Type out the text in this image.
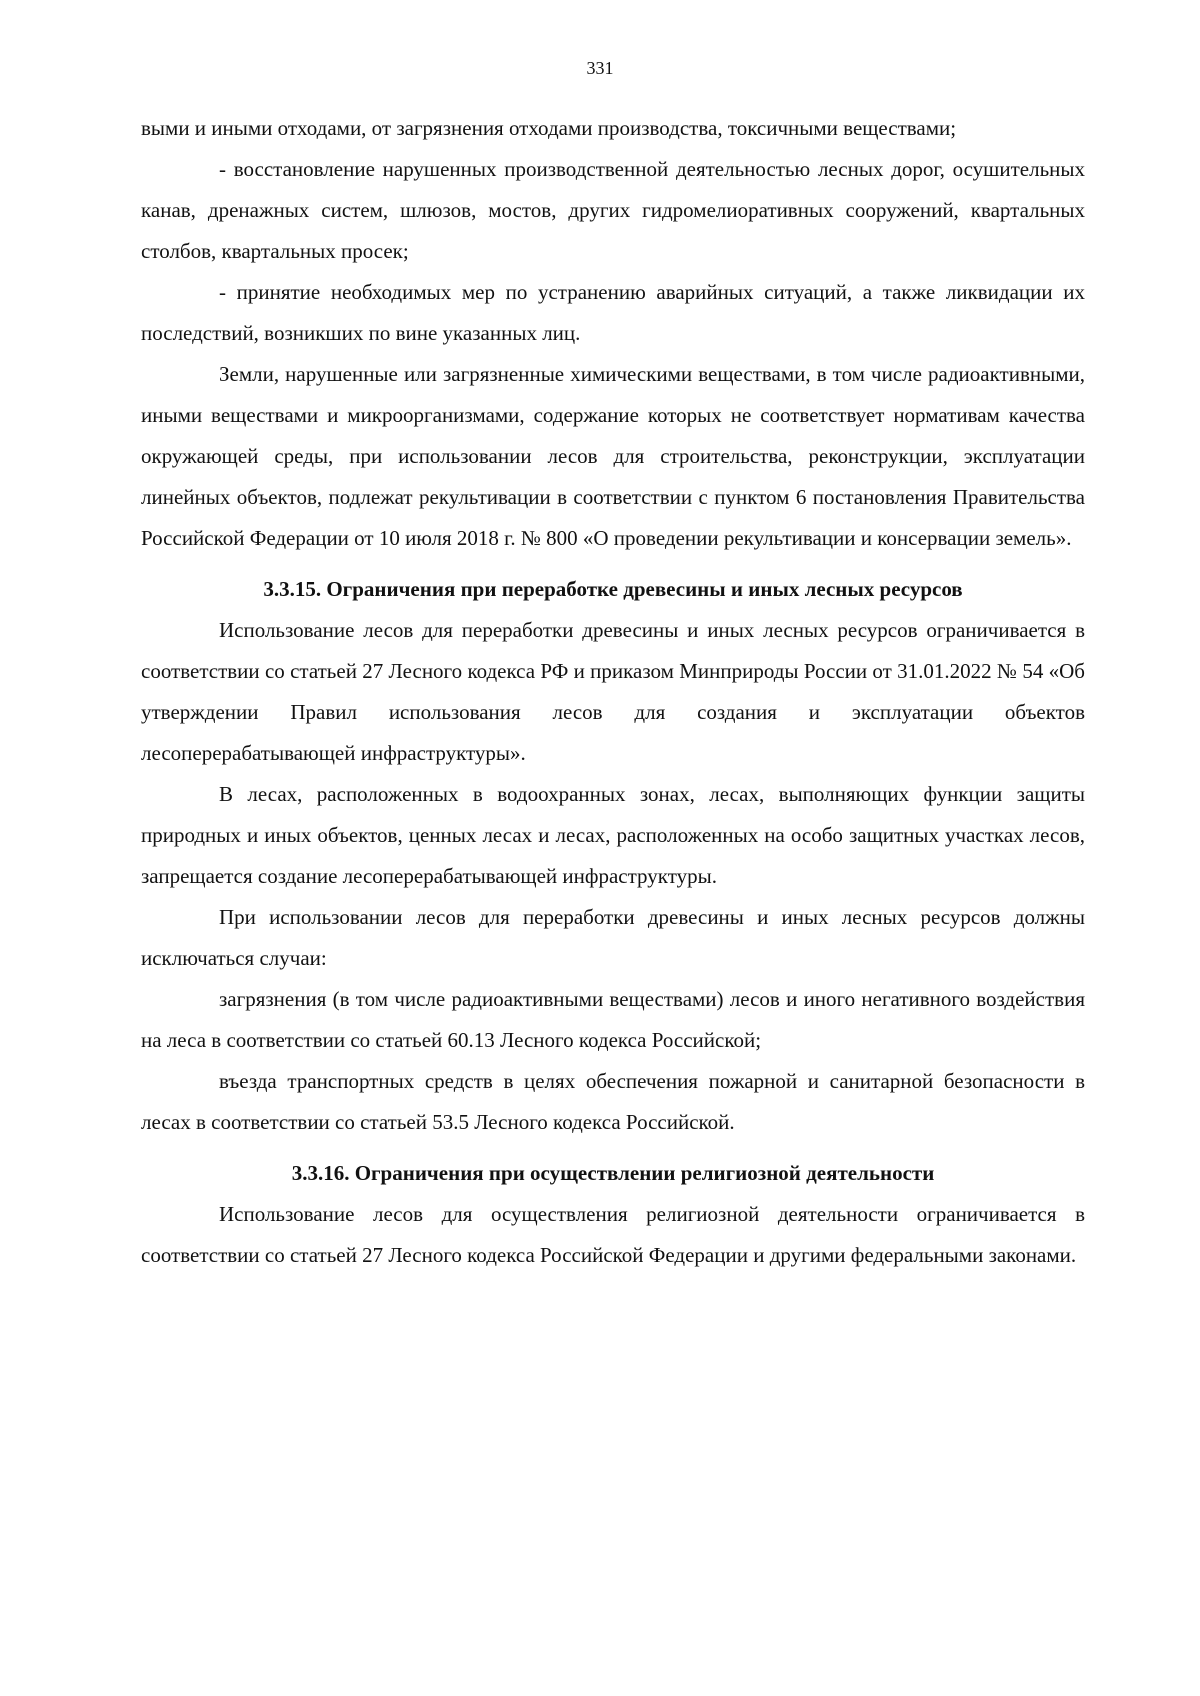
331

выми и иными отходами, от загрязнения отходами производства, токсичными веществами;

- восстановление нарушенных производственной деятельностью лесных дорог, осушительных канав, дренажных систем, шлюзов, мостов, других гидромелиоративных сооружений, квартальных столбов, квартальных просек;

- принятие необходимых мер по устранению аварийных ситуаций, а также ликвидации их последствий, возникших по вине указанных лиц.

Земли, нарушенные или загрязненные химическими веществами, в том числе радиоактивными, иными веществами и микроорганизмами, содержание которых не соответствует нормативам качества окружающей среды, при использовании лесов для строительства, реконструкции, эксплуатации линейных объектов, подлежат рекультивации в соответствии с пунктом 6 постановления Правительства Российской Федерации от 10 июля 2018 г. № 800 «О проведении рекультивации и консервации земель».

3.3.15. Ограничения при переработке древесины и иных лесных ресурсов

Использование лесов для переработки древесины и иных лесных ресурсов ограничивается в соответствии со статьей 27 Лесного кодекса РФ и приказом Минприроды России от 31.01.2022 № 54 «Об утверждении Правил использования лесов для создания и эксплуатации объектов лесоперерабатывающей инфраструктуры».

В лесах, расположенных в водоохранных зонах, лесах, выполняющих функции защиты природных и иных объектов, ценных лесах и лесах, расположенных на особо защитных участках лесов, запрещается создание лесоперерабатывающей инфраструктуры.

При использовании лесов для переработки древесины и иных лесных ресурсов должны исключаться случаи:

загрязнения (в том числе радиоактивными веществами) лесов и иного негативного воздействия на леса в соответствии со статьей 60.13 Лесного кодекса Российской;

въезда транспортных средств в целях обеспечения пожарной и санитарной безопасности в лесах в соответствии со статьей 53.5 Лесного кодекса Российской.

3.3.16. Ограничения при осуществлении религиозной деятельности

Использование лесов для осуществления религиозной деятельности ограничивается в соответствии со статьей 27 Лесного кодекса Российской Федерации и другими федеральными законами.
